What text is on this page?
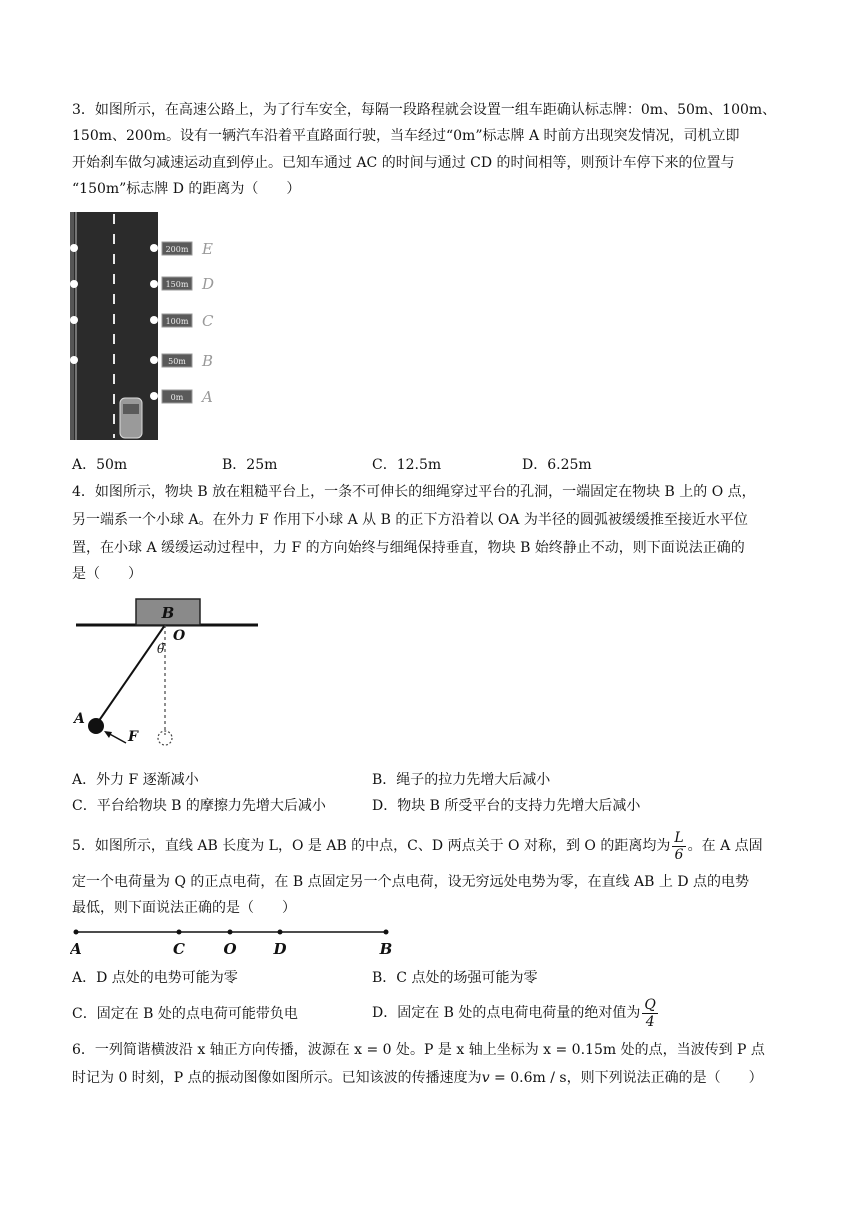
3．如图所示，在高速公路上，为了行车安全，每隔一段路程就会设置一组车距确认标志牌：0m、50m、100m、
150m、200m。设有一辆汽车沿着平直路面行驶，当车经过“0m”标志牌 A 时前方出现突发情况，司机立即
开始刹车做匀减速运动直到停止。已知车通过 AC 的时间与通过 CD 的时间相等，则预计车停下来的位置与
“150m”标志牌 D 的距离为（　　）
200m E
150m D
100m C
50m B
0m A
A．50m	B．25m	C．12.5m	D．6.25m
4．如图所示，物块 B 放在粗糙平台上，一条不可伸长的细绳穿过平台的孔洞，一端固定在物块 B 上的 O 点，
另一端系一个小球 A。在外力 F 作用下小球 A 从 B 的正下方沿着以 OA 为半径的圆弧被缓缓推至接近水平位
置，在小球 A 缓缓运动过程中，力 F 的方向始终与细绳保持垂直，物块 B 始终静止不动，则下面说法正确的
是（　　）
B
O
θ
A
F
A．外力 F 逐渐减小	B．绳子的拉力先增大后减小
C．平台给物块 B 的摩擦力先增大后减小	D．物块 B 所受平台的支持力先增大后减小
5．如图所示，直线 AB 长度为 L，O 是 AB 的中点，C、D 两点关于 O 对称，到 O 的距离均为 $\frac{L}{6}$ 。在 A 点固
定一个电荷量为 Q 的正点电荷，在 B 点固定另一个点电荷，设无穷远处电势为零，在直线 AB 上 D 点的电势
最低，则下面说法正确的是（　　）
A	C	O D	B
A．D 点处的电势可能为零	B．C 点处的场强可能为零
C．固定在 B 处的点电荷可能带负电	D．固定在 B 处的点电荷电荷量的绝对值为 $\frac{Q}{4}$
6．一列简谐横波沿 x 轴正方向传播，波源在 x = 0 处。P 是 x 轴上坐标为 x = 0.15m 处的点，当波传到 P 点
时记为 0 时刻，P 点的振动图像如图所示。已知该波的传播速度为v = 0.6m / s，则下列说法正确的是（　　）
